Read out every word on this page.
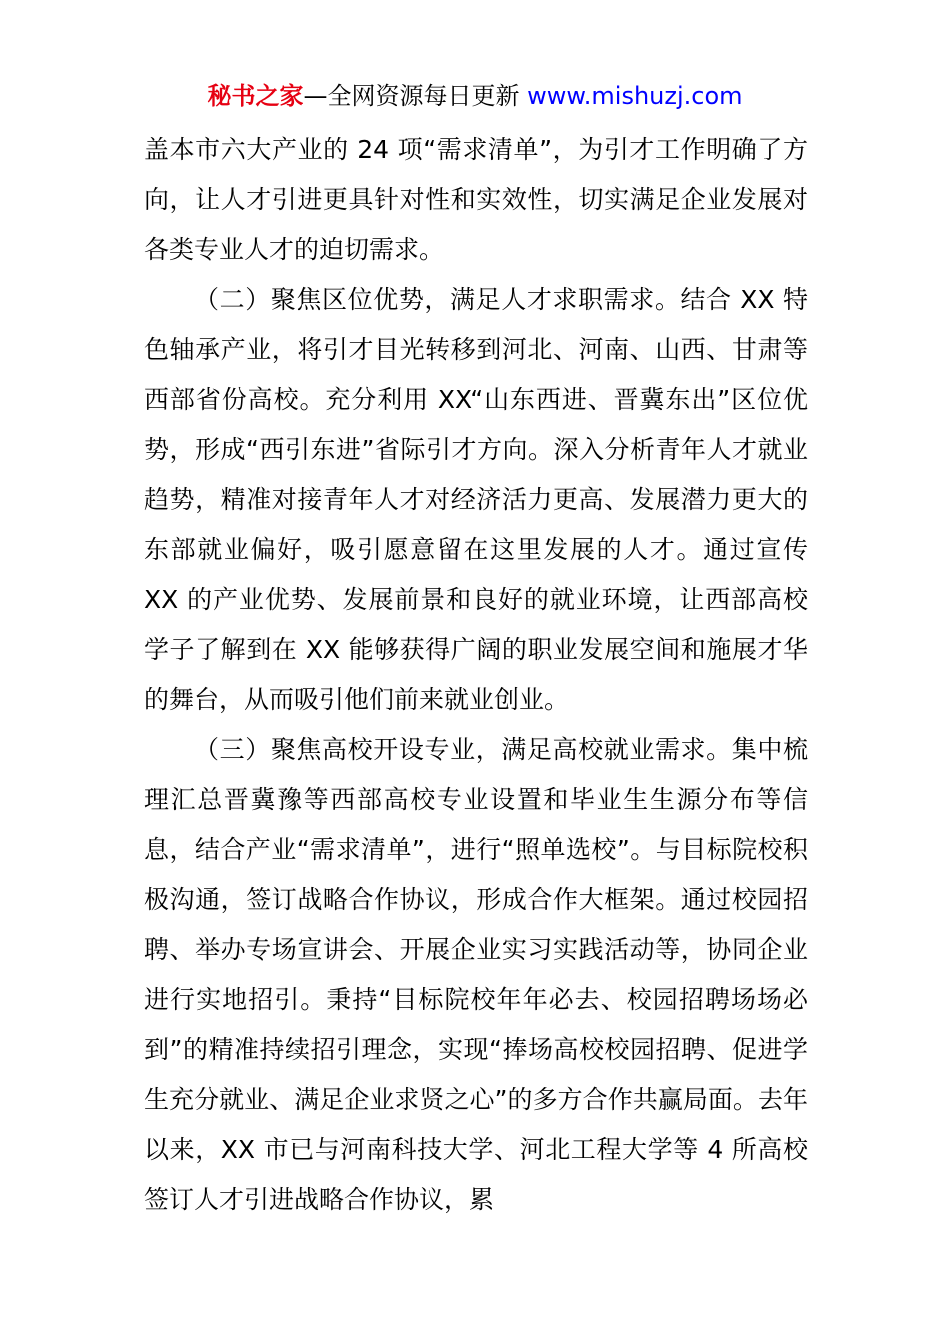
秘书之家—全网资源每日更新 www.mishuzj.com

盖本市六大产业的 24 项“需求清单”，为引才工作明确了方向，让人才引进更具针对性和实效性，切实满足企业发展对各类专业人才的迫切需求。

（二）聚焦区位优势，满足人才求职需求。结合 XX 特色轴承产业，将引才目光转移到河北、河南、山西、甘肃等西部省份高校。充分利用 XX“山东西进、晋冀东出”区位优势，形成“西引东进”省际引才方向。深入分析青年人才就业趋势，精准对接青年人才对经济活力更高、发展潜力更大的东部就业偏好，吸引愿意留在这里发展的人才。通过宣传 XX 的产业优势、发展前景和良好的就业环境，让西部高校学子了解到在 XX 能够获得广阔的职业发展空间和施展才华的舞台，从而吸引他们前来就业创业。

（三）聚焦高校开设专业，满足高校就业需求。集中梳理汇总晋冀豫等西部高校专业设置和毕业生生源分布等信息，结合产业“需求清单”，进行“照单选校”。与目标院校积极沟通，签订战略合作协议，形成合作大框架。通过校园招聘、举办专场宣讲会、开展企业实习实践活动等，协同企业进行实地招引。秉持“目标院校年年必去、校园招聘场场必到”的精准持续招引理念，实现“捧场高校校园招聘、促进学生充分就业、满足企业求贤之心”的多方合作共赢局面。去年以来，XX 市已与河南科技大学、河北工程大学等 4 所高校签订人才引进战略合作协议，累
